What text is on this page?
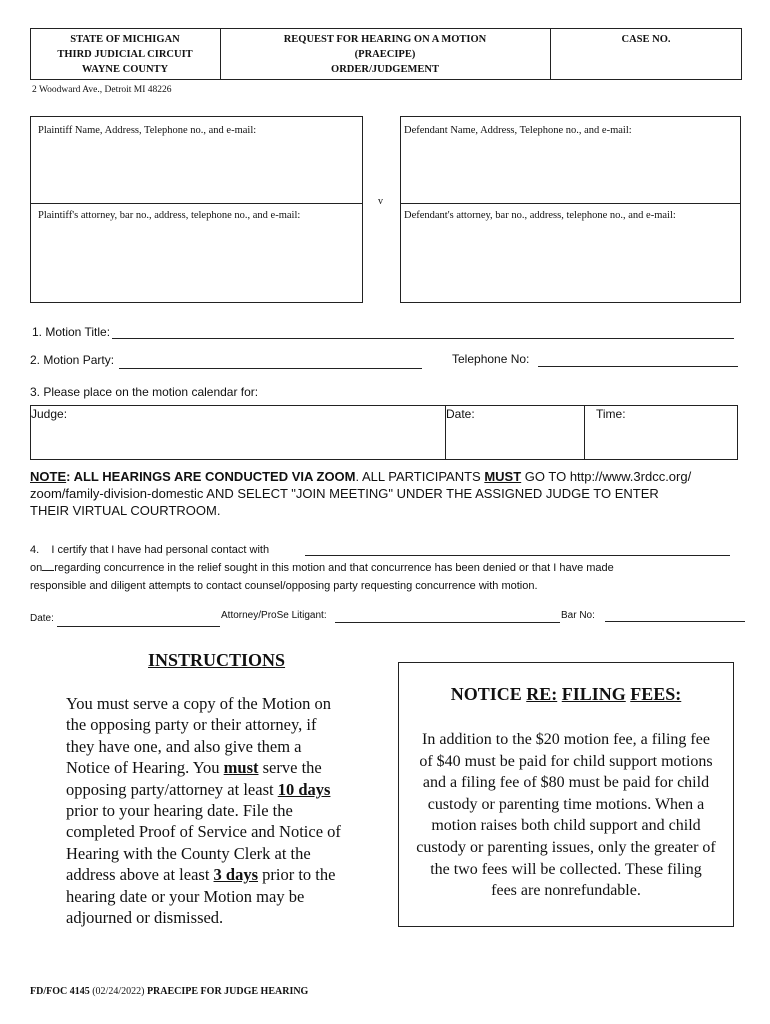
STATE OF MICHIGAN
THIRD JUDICIAL CIRCUIT
WAYNE COUNTY
REQUEST FOR HEARING ON A MOTION
(PRAECIPE)
ORDER/JUDGEMENT
CASE NO.
2 Woodward Ave., Detroit MI 48226
Plaintiff Name, Address, Telephone no., and e-mail:
Plaintiff's attorney, bar no., address, telephone no., and e-mail:
v
Defendant Name, Address, Telephone no., and e-mail:
Defendant's attorney, bar no., address, telephone no., and e-mail:
1. Motion Title:
2. Motion Party:	Telephone No:
3. Please place on the motion calendar for:
Judge:	Date:	Time:
NOTE: ALL HEARINGS ARE CONDUCTED VIA ZOOM. ALL PARTICIPANTS MUST GO TO http://www.3rdcc.org/
zoom/family-division-domestic AND SELECT "JOIN MEETING" UNDER THE ASSIGNED JUDGE TO ENTER
THEIR VIRTUAL COURTROOM.
4.    I certify that I have had personal contact with
on regarding concurrence in the relief sought in this motion and that concurrence has been denied or that I have made
responsible and diligent attempts to contact counsel/opposing party requesting concurrence with motion.
Date:	Attorney/ProSe Litigant:	Bar No:
INSTRUCTIONS
You must serve a copy of the Motion on
the opposing party or their attorney, if
they have one, and also give them a
Notice of Hearing. You must serve the
opposing party/attorney at least 10 days
prior to your hearing date. File the
completed Proof of Service and Notice of
Hearing with the County Clerk at the
address above at least 3 days prior to the
hearing date or your Motion may be
adjourned or dismissed.
NOTICE RE: FILING FEES:
In addition to the $20 motion fee, a filing fee
of $40 must be paid for child support motions
and a filing fee of $80 must be paid for child
custody or parenting time motions. When a
motion raises both child support and child
custody or parenting issues, only the greater of
the two fees will be collected. These filing
fees are nonrefundable.
FD/FOC 4145 (02/24/2022) PRAECIPE FOR JUDGE HEARING
